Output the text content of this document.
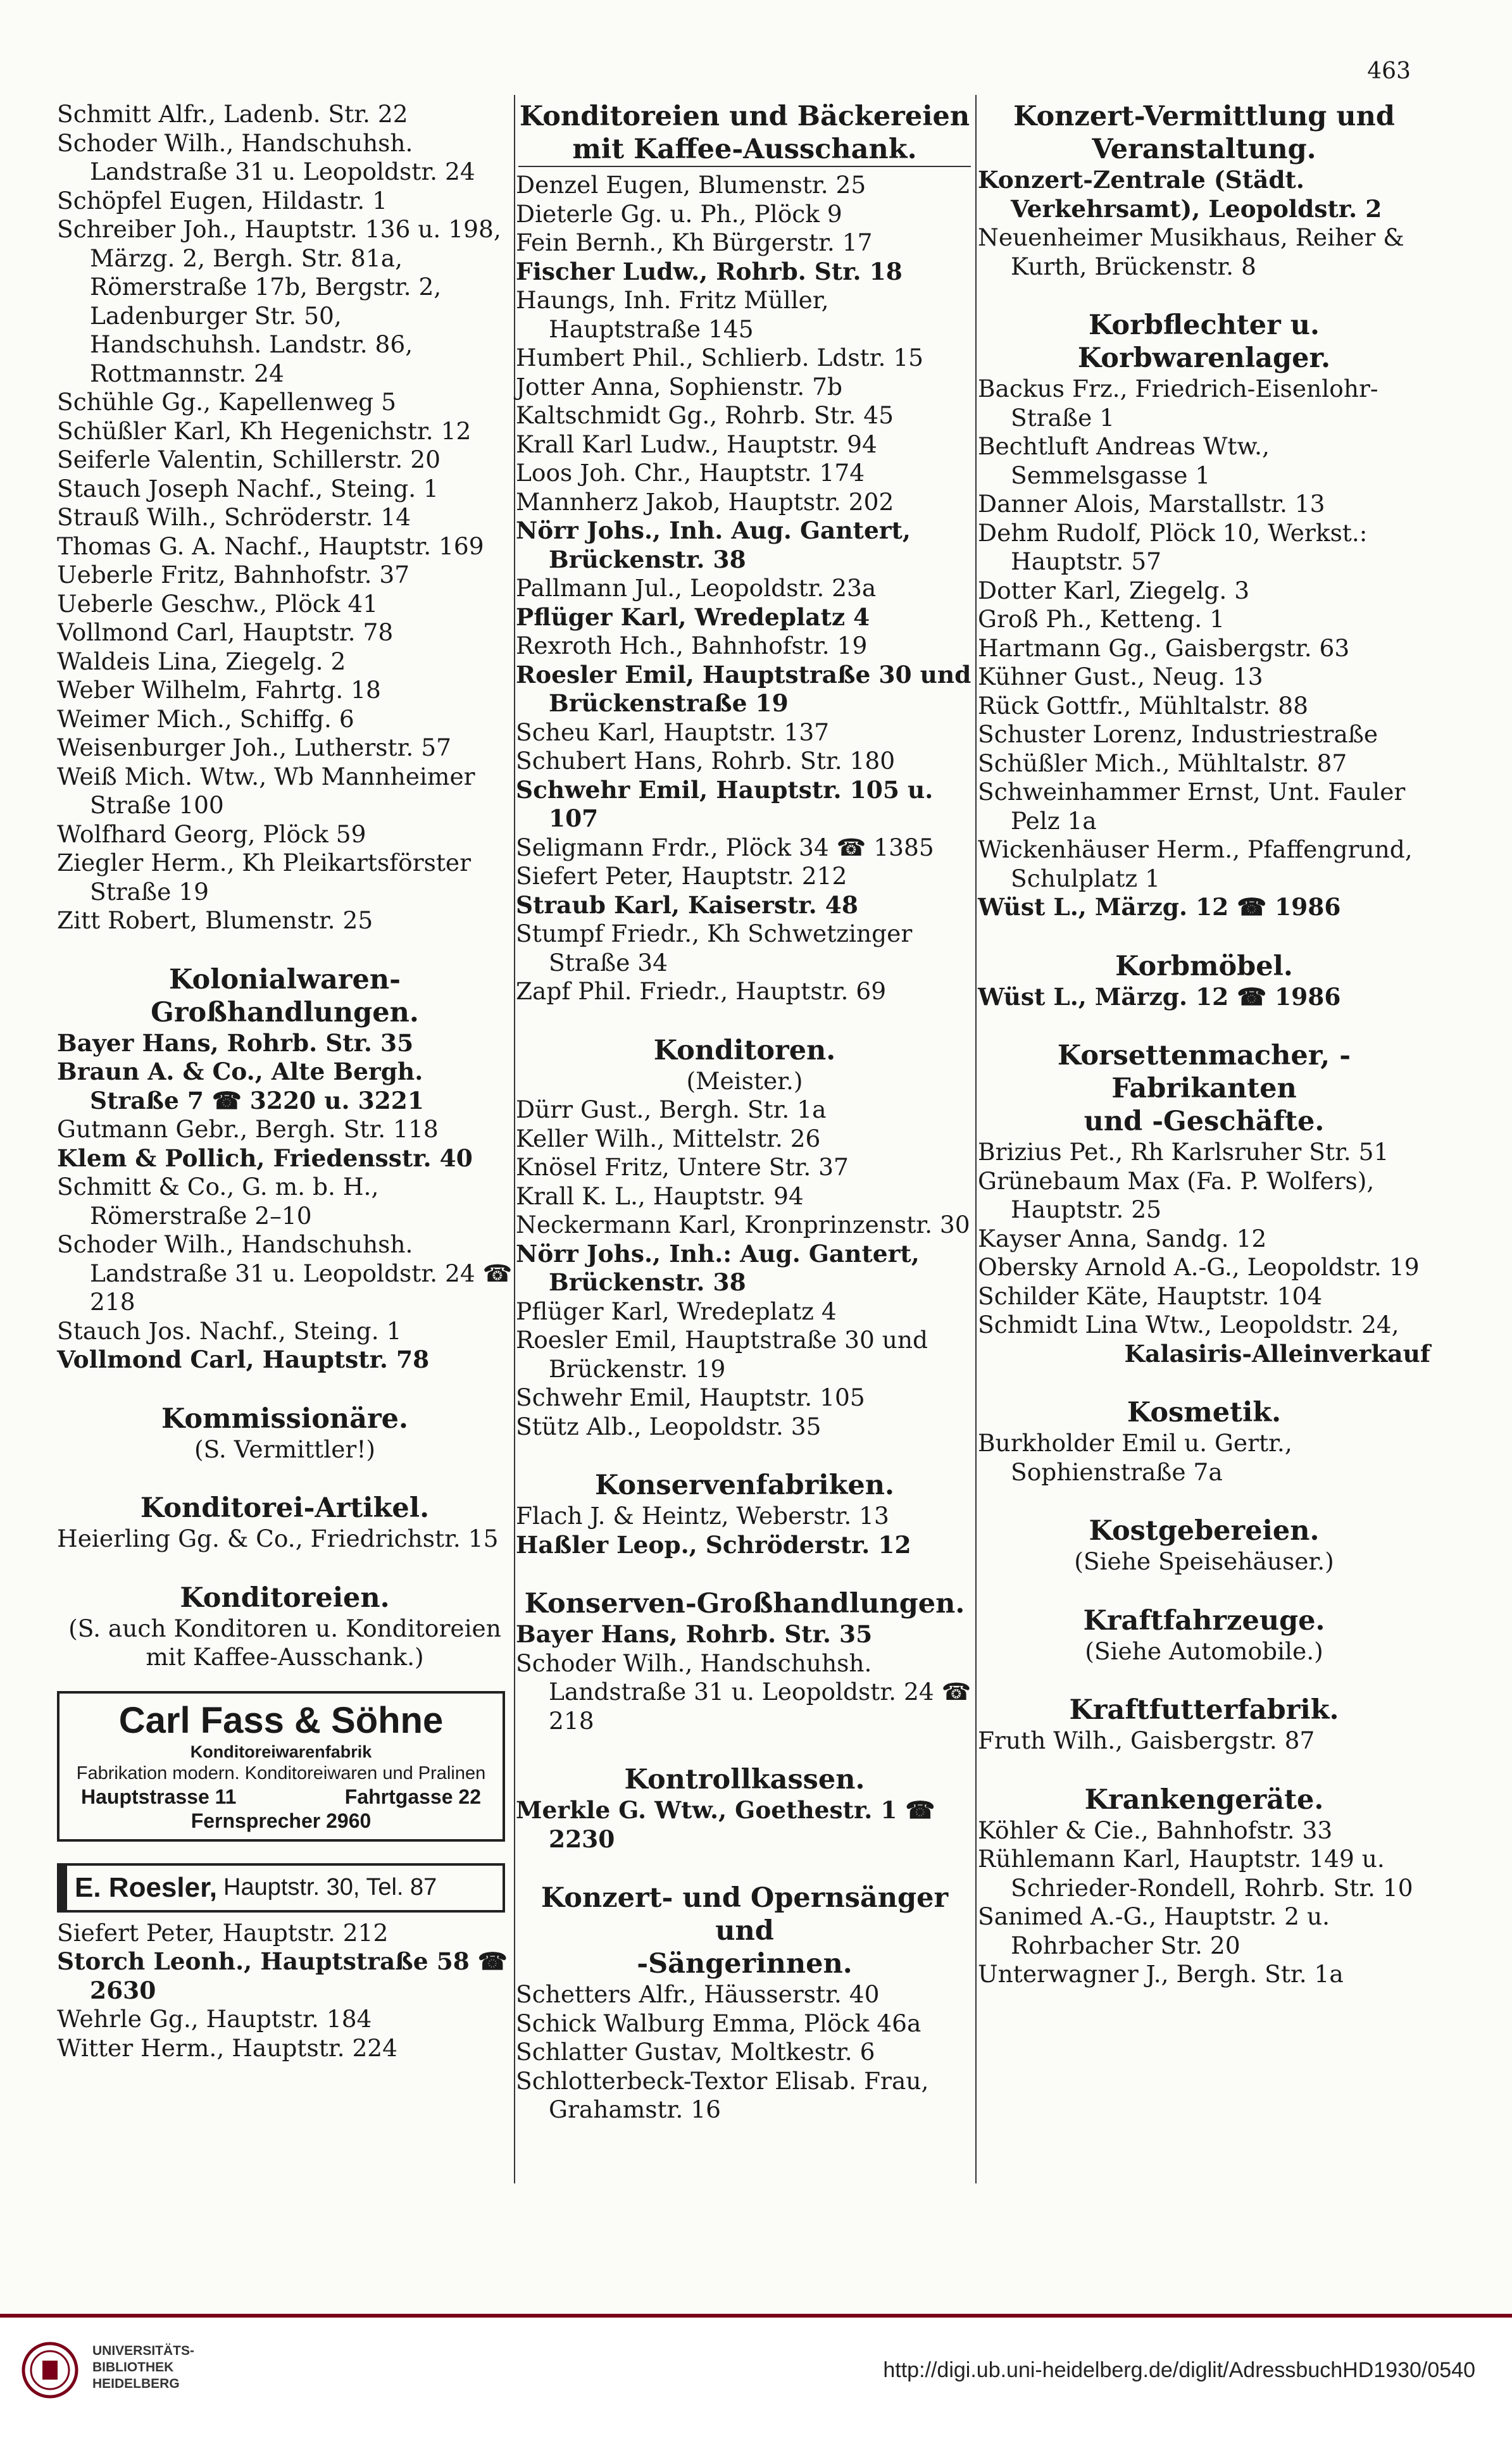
463
Schmitt Alfr., Ladenb. Str. 22
Schoder Wilh., Handschuhsh. Landstraße 31 u. Leopoldstr. 24
Schöpfel Eugen, Hildastr. 1
Schreiber Joh., Hauptstr. 136 u. 198, Märzg. 2, Bergh. Str. 81a, Römerstraße 17b, Bergstr. 2, Ladenburger Str. 50, Handschuhsh. Landstr. 86, Rottmannstr. 24
Schühle Gg., Kapellenweg 5
Schüßler Karl, Kh Hegenichstr. 12
Seiferle Valentin, Schillerstr. 20
Stauch Joseph Nachf., Steing. 1
Strauß Wilh., Schröderstr. 14
Thomas G. A. Nachf., Hauptstr. 169
Ueberle Fritz, Bahnhofstr. 37
Ueberle Geschw., Plöck 41
Vollmond Carl, Hauptstr. 78
Waldeis Lina, Ziegelg. 2
Weber Wilhelm, Fahrtg. 18
Weimer Mich., Schiffg. 6
Weisenburger Joh., Lutherstr. 57
Weiß Mich. Wtw., Wb Mannheimer Straße 100
Wolfhard Georg, Plöck 59
Ziegler Herm., Kh Pleikartsförster Straße 19
Zitt Robert, Blumenstr. 25
Kolonialwaren-
Großhandlungen.
Bayer Hans, Rohrb. Str. 35
Braun A. & Co., Alte Bergh. Straße 7 ☎ 3220 u. 3221
Gutmann Gebr., Bergh. Str. 118
Klem & Pollich, Friedensstr. 40
Schmitt & Co., G. m. b. H., Römerstraße 2–10
Schoder Wilh., Handschuhsh. Landstraße 31 u. Leopoldstr. 24 ☎ 218
Stauch Jos. Nachf., Steing. 1
Vollmond Carl, Hauptstr. 78
Kommissionäre.
(S. Vermittler!)
Konditorei-Artikel.
Heierling Gg. & Co., Friedrichstr. 15
Konditoreien.
(S. auch Konditoren u. Konditoreien mit Kaffee-Ausschank.)
Carl Fass & Söhne
Konditoreiwarenfabrik
Fabrikation modern. Konditoreiwaren und Pralinen
Hauptstrasse 11	Fahrtgasse 22
Fernsprecher 2960
E. Roesler, Hauptstr. 30, Tel. 87
Siefert Peter, Hauptstr. 212
Storch Leonh., Hauptstraße 58 ☎ 2630
Wehrle Gg., Hauptstr. 184
Witter Herm., Hauptstr. 224
Konditoreien und Bäckereien
mit Kaffee-Ausschank.
Denzel Eugen, Blumenstr. 25
Dieterle Gg. u. Ph., Plöck 9
Fein Bernh., Kh Bürgerstr. 17
Fischer Ludw., Rohrb. Str. 18
Haungs, Inh. Fritz Müller, Hauptstraße 145
Humbert Phil., Schlierb. Ldstr. 15
Jotter Anna, Sophienstr. 7b
Kaltschmidt Gg., Rohrb. Str. 45
Krall Karl Ludw., Hauptstr. 94
Loos Joh. Chr., Hauptstr. 174
Mannherz Jakob, Hauptstr. 202
Nörr Johs., Inh. Aug. Gantert, Brückenstr. 38
Pallmann Jul., Leopoldstr. 23a
Pflüger Karl, Wredeplatz 4
Rexroth Hch., Bahnhofstr. 19
Roesler Emil, Hauptstraße 30 und Brückenstraße 19
Scheu Karl, Hauptstr. 137
Schubert Hans, Rohrb. Str. 180
Schwehr Emil, Hauptstr. 105 u. 107
Seligmann Frdr., Plöck 34 ☎ 1385
Siefert Peter, Hauptstr. 212
Straub Karl, Kaiserstr. 48
Stumpf Friedr., Kh Schwetzinger Straße 34
Zapf Phil. Friedr., Hauptstr. 69
Konditoren.
(Meister.)
Dürr Gust., Bergh. Str. 1a
Keller Wilh., Mittelstr. 26
Knösel Fritz, Untere Str. 37
Krall K. L., Hauptstr. 94
Neckermann Karl, Kronprinzenstr. 30
Nörr Johs., Inh.: Aug. Gantert, Brückenstr. 38
Pflüger Karl, Wredeplatz 4
Roesler Emil, Hauptstraße 30 und Brückenstr. 19
Schwehr Emil, Hauptstr. 105
Stütz Alb., Leopoldstr. 35
Konservenfabriken.
Flach J. & Heintz, Weberstr. 13
Haßler Leop., Schröderstr. 12
Konserven-Großhandlungen.
Bayer Hans, Rohrb. Str. 35
Schoder Wilh., Handschuhsh. Landstraße 31 u. Leopoldstr. 24 ☎ 218
Kontrollkassen.
Merkle G. Wtw., Goethestr. 1 ☎ 2230
Konzert- und Opernsänger und
-Sängerinnen.
Schetters Alfr., Häusserstr. 40
Schick Walburg Emma, Plöck 46a
Schlatter Gustav, Moltkestr. 6
Schlotterbeck-Textor Elisab. Frau, Grahamstr. 16
Konzert-Vermittlung und
Veranstaltung.
Konzert-Zentrale (Städt. Verkehrsamt), Leopoldstr. 2
Neuenheimer Musikhaus, Reiher & Kurth, Brückenstr. 8
Korbflechter u. Korbwarenlager.
Backus Frz., Friedrich-Eisenlohr-Straße 1
Bechtluft Andreas Wtw., Semmelsgasse 1
Danner Alois, Marstallstr. 13
Dehm Rudolf, Plöck 10, Werkst.: Hauptstr. 57
Dotter Karl, Ziegelg. 3
Groß Ph., Ketteng. 1
Hartmann Gg., Gaisbergstr. 63
Kühner Gust., Neug. 13
Rück Gottfr., Mühltalstr. 88
Schuster Lorenz, Industriestraße
Schüßler Mich., Mühltalstr. 87
Schweinhammer Ernst, Unt. Fauler Pelz 1a
Wickenhäuser Herm., Pfaffengrund, Schulplatz 1
Wüst L., Märzg. 12 ☎ 1986
Korbmöbel.
Wüst L., Märzg. 12 ☎ 1986
Korsettenmacher, -Fabrikanten
und -Geschäfte.
Brizius Pet., Rh Karlsruher Str. 51
Grünebaum Max (Fa. P. Wolfers), Hauptstr. 25
Kayser Anna, Sandg. 12
Obersky Arnold A.-G., Leopoldstr. 19
Schilder Käte, Hauptstr. 104
Schmidt Lina Wtw., Leopoldstr. 24,
Kalasiris-Alleinverkauf
Kosmetik.
Burkholder Emil u. Gertr., Sophienstraße 7a
Kostgebereien.
(Siehe Speisehäuser.)
Kraftfahrzeuge.
(Siehe Automobile.)
Kraftfutterfabrik.
Fruth Wilh., Gaisbergstr. 87
Krankengeräte.
Köhler & Cie., Bahnhofstr. 33
Rühlemann Karl, Hauptstr. 149 u. Schrieder-Rondell, Rohrb. Str. 10
Sanimed A.-G., Hauptstr. 2 u. Rohrbacher Str. 20
Unterwagner J., Bergh. Str. 1a
UNIVERSITÄTS-
BIBLIOTHEK
HEIDELBERG
http://digi.ub.uni-heidelberg.de/diglit/AdressbuchHD1930/0540
